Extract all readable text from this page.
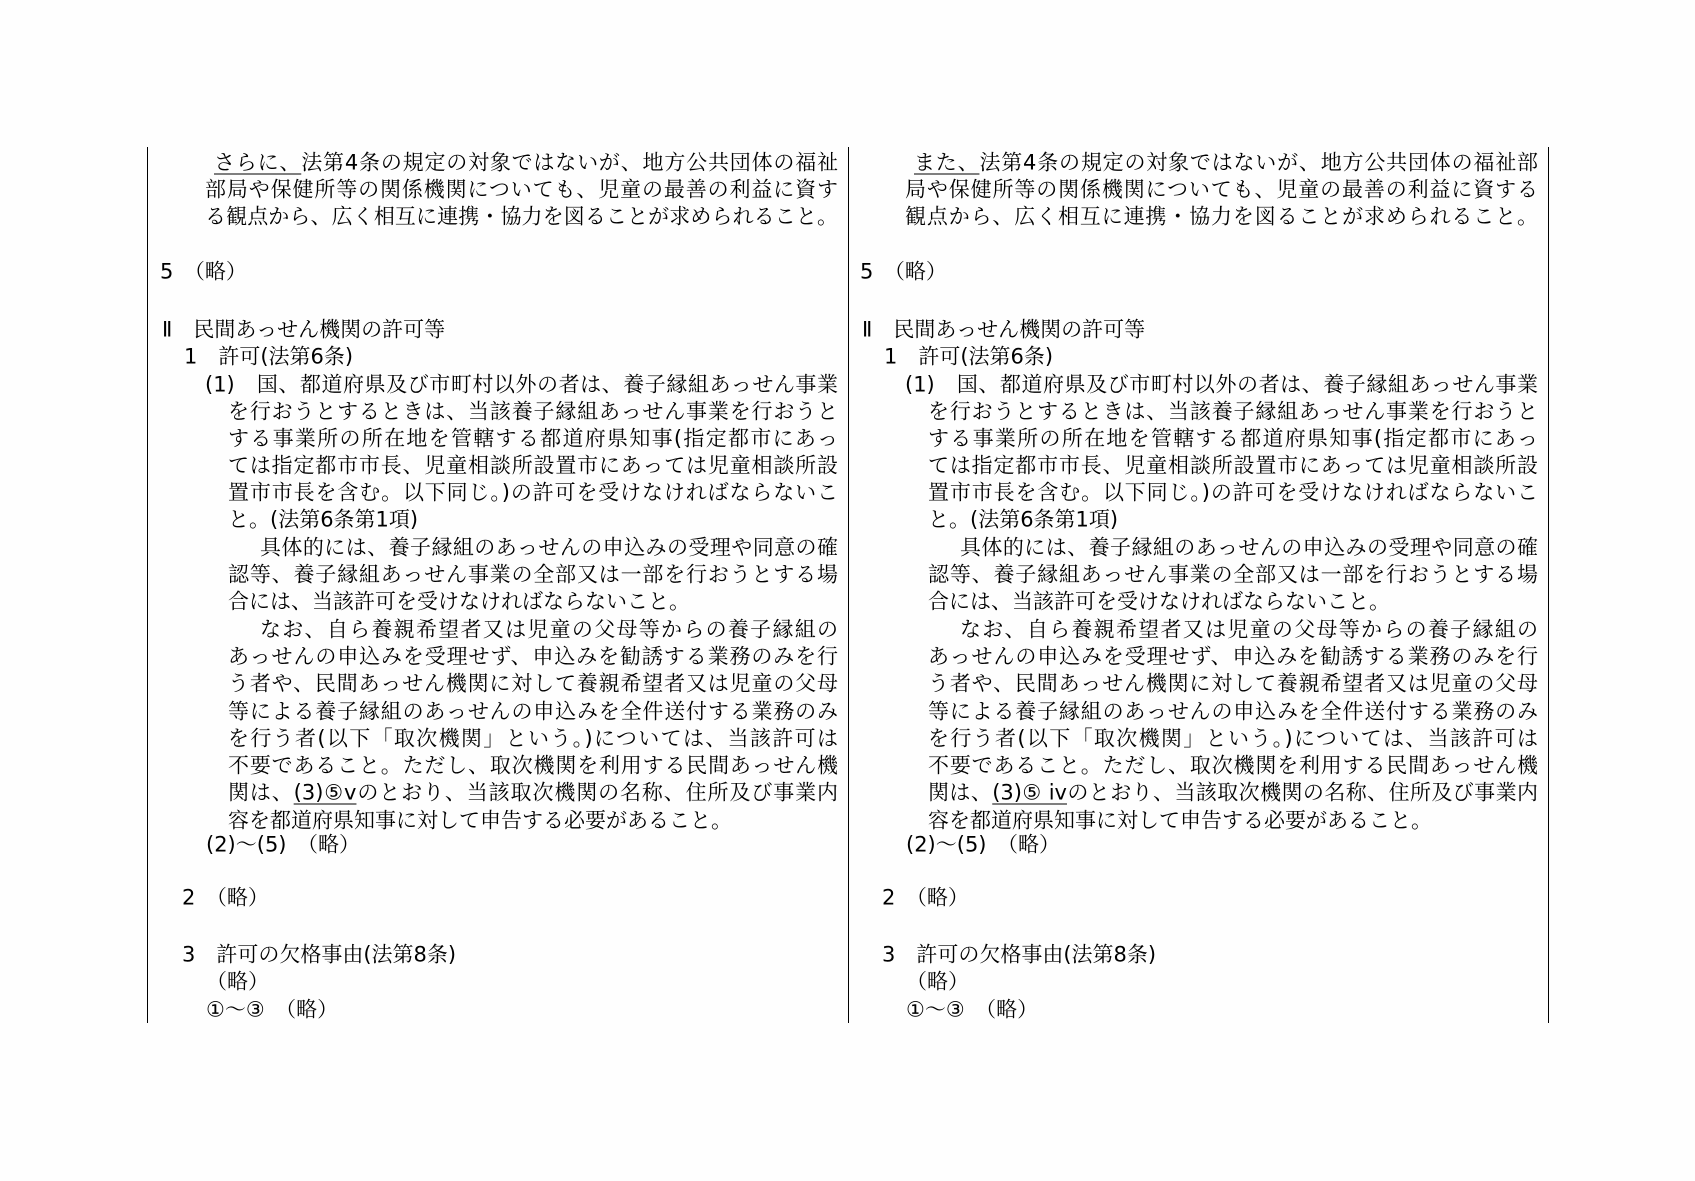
さらに、法第4条の規定の対象ではないが、地方公共団体の福祉
部局や保健所等の関係機関についても、児童の最善の利益に資す
る観点から、広く相互に連携・協力を図ることが求められること。
5　（略）
Ⅱ　民間あっせん機関の許可等
1　許可(法第6条)
(1)　国、都道府県及び市町村以外の者は、養子縁組あっせん事業
を行おうとするときは、当該養子縁組あっせん事業を行おうと
する事業所の所在地を管轄する都道府県知事(指定都市にあっ
ては指定都市市長、児童相談所設置市にあっては児童相談所設
置市市長を含む。以下同じ。)の許可を受けなければならないこ
と。(法第6条第1項)
具体的には、養子縁組のあっせんの申込みの受理や同意の確
認等、養子縁組あっせん事業の全部又は一部を行おうとする場
合には、当該許可を受けなければならないこと。
なお、自ら養親希望者又は児童の父母等からの養子縁組の
あっせんの申込みを受理せず、申込みを勧誘する業務のみを行
う者や、民間あっせん機関に対して養親希望者又は児童の父母
等による養子縁組のあっせんの申込みを全件送付する業務のみ
を行う者(以下「取次機関」という。)については、当該許可は
不要であること。ただし、取次機関を利用する民間あっせん機
関は、(3)⑤vのとおり、当該取次機関の名称、住所及び事業内
容を都道府県知事に対して申告する必要があること。
(2)～(5)　（略）
2　（略）
3　許可の欠格事由(法第8条)
（略）
①～③　（略）
また、法第4条の規定の対象ではないが、地方公共団体の福祉部
局や保健所等の関係機関についても、児童の最善の利益に資する
観点から、広く相互に連携・協力を図ることが求められること。
5　（略）
Ⅱ　民間あっせん機関の許可等
1　許可(法第6条)
(1)　国、都道府県及び市町村以外の者は、養子縁組あっせん事業
を行おうとするときは、当該養子縁組あっせん事業を行おうと
する事業所の所在地を管轄する都道府県知事(指定都市にあっ
ては指定都市市長、児童相談所設置市にあっては児童相談所設
置市市長を含む。以下同じ。)の許可を受けなければならないこ
と。(法第6条第1項)
具体的には、養子縁組のあっせんの申込みの受理や同意の確
認等、養子縁組あっせん事業の全部又は一部を行おうとする場
合には、当該許可を受けなければならないこと。
なお、自ら養親希望者又は児童の父母等からの養子縁組の
あっせんの申込みを受理せず、申込みを勧誘する業務のみを行
う者や、民間あっせん機関に対して養親希望者又は児童の父母
等による養子縁組のあっせんの申込みを全件送付する業務のみ
を行う者(以下「取次機関」という。)については、当該許可は
不要であること。ただし、取次機関を利用する民間あっせん機
関は、(3)⑤ ivのとおり、当該取次機関の名称、住所及び事業内
容を都道府県知事に対して申告する必要があること。
(2)～(5)　（略）
2　（略）
3　許可の欠格事由(法第8条)
（略）
①～③　（略）
